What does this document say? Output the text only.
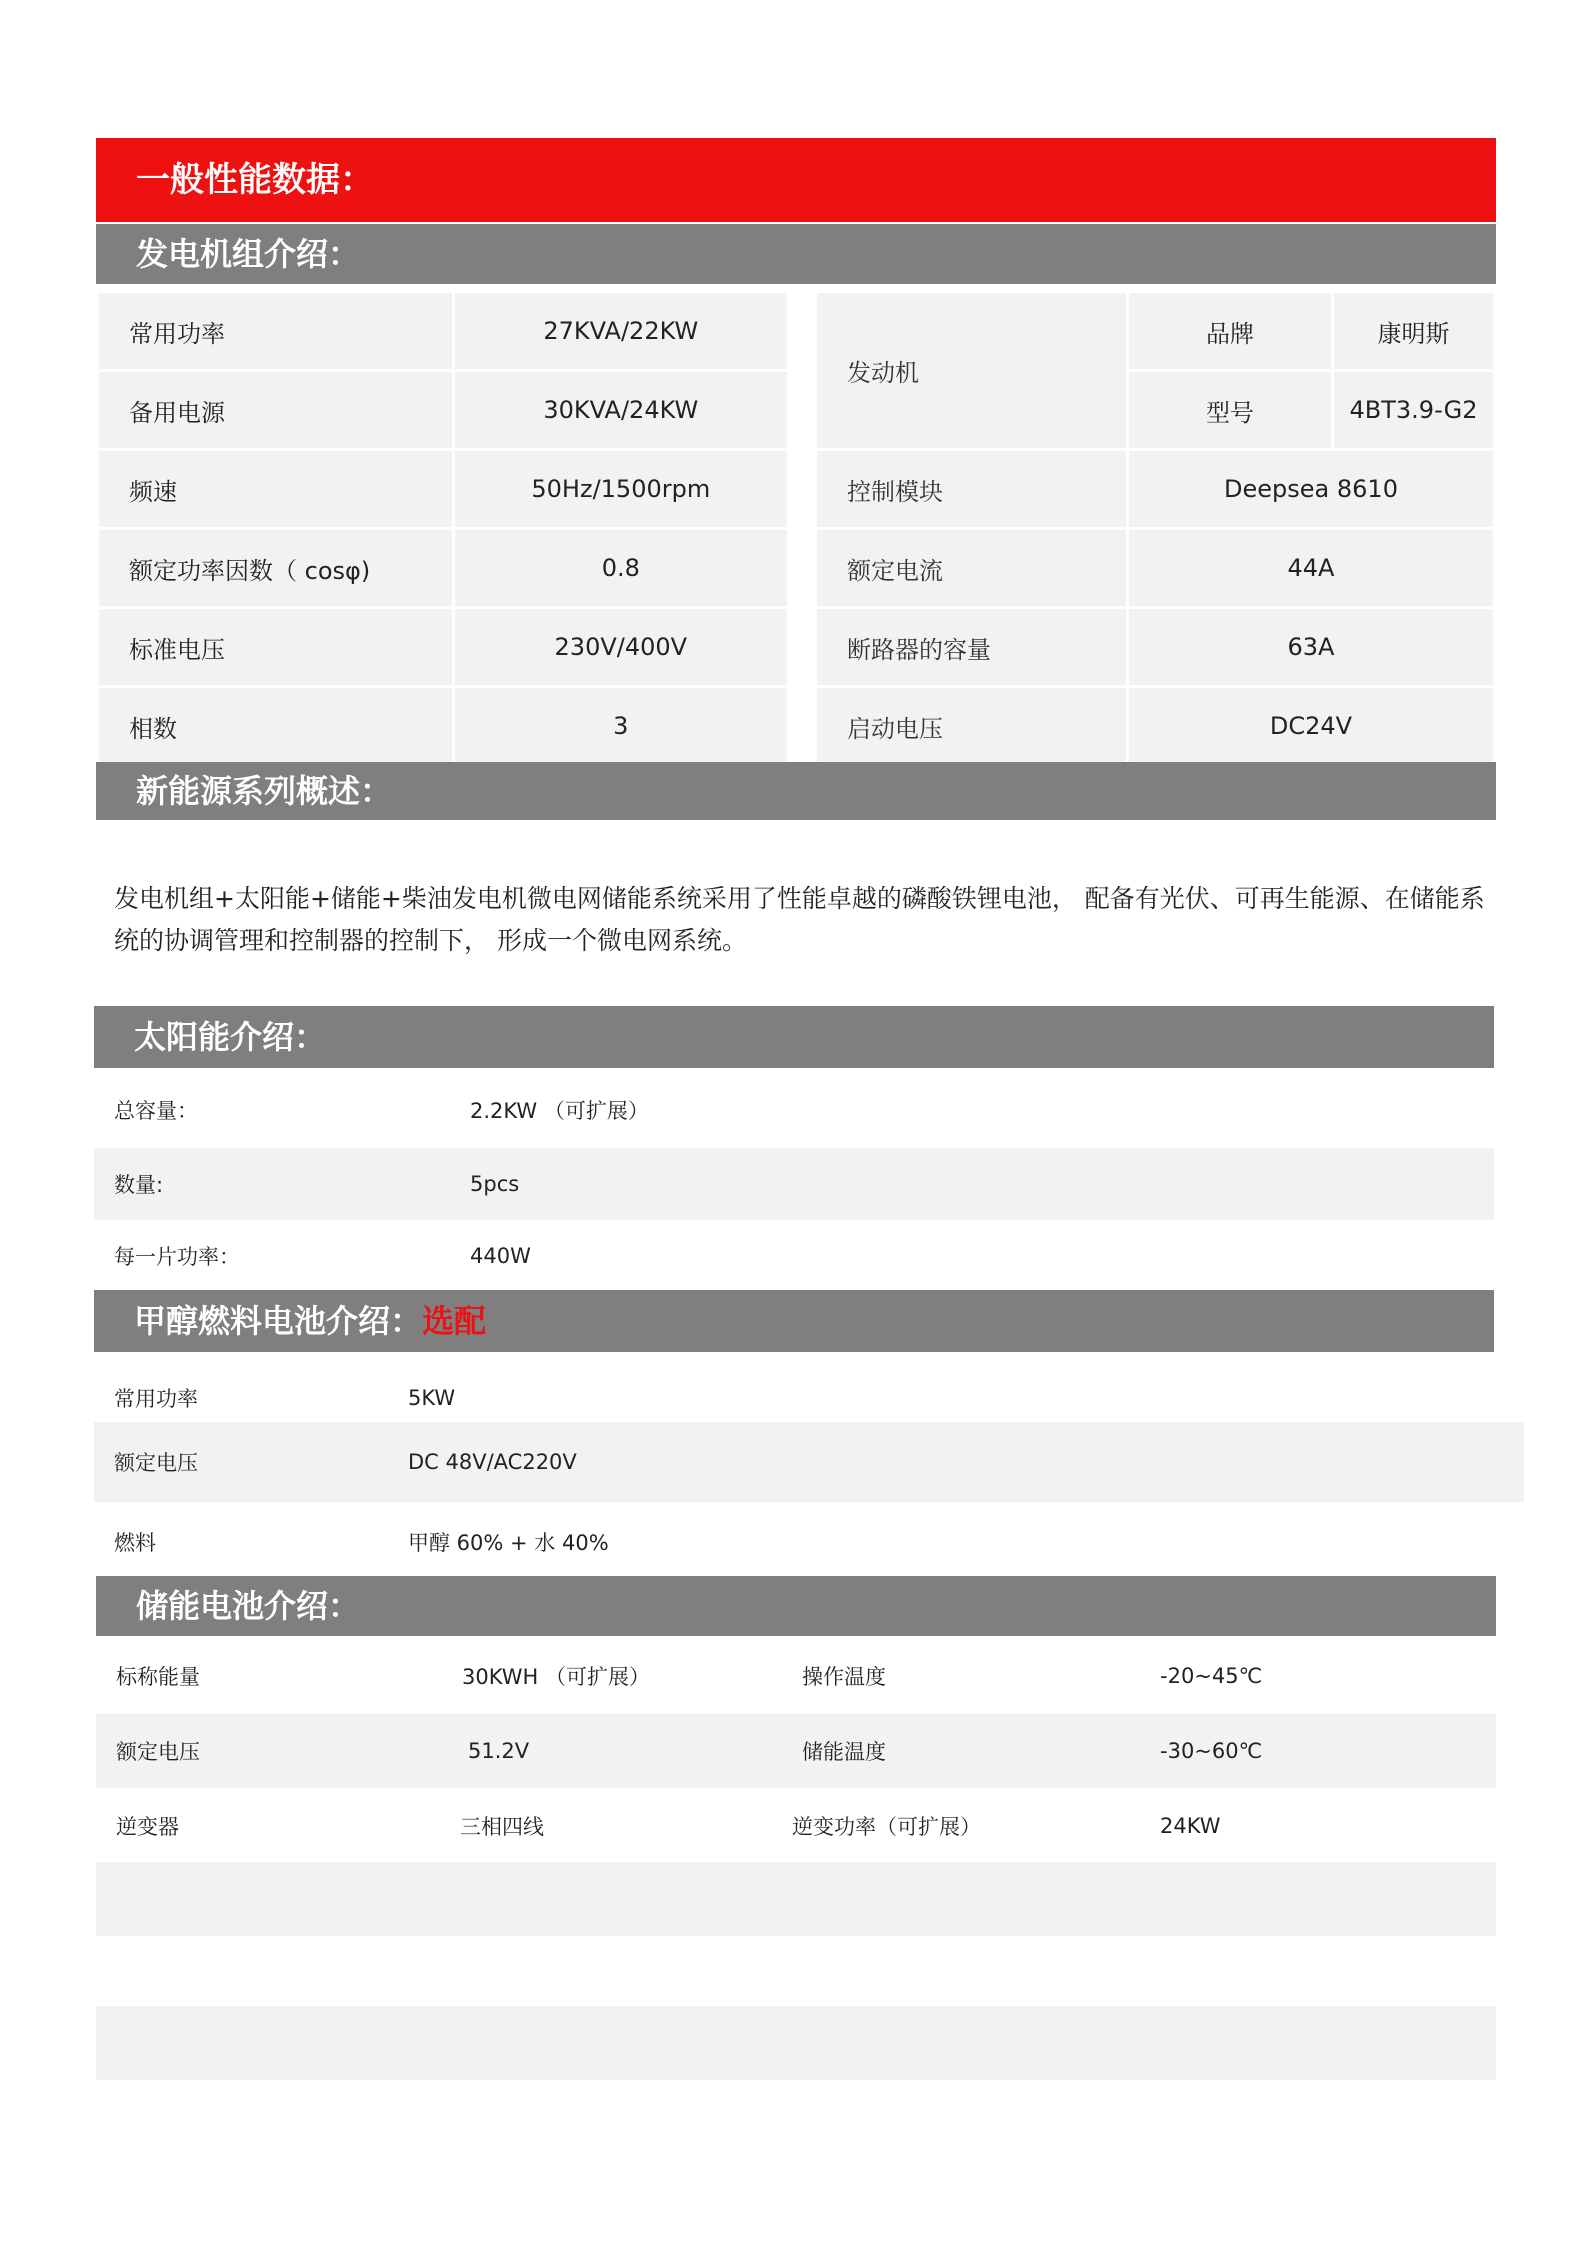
一般性能数据：
发电机组介绍：
常用功率	27KVA/22KW
备用电源	30KVA/24KW
频速	50Hz/1500rpm
额定功率因数（ cosφ)	0.8
标准电压	230V/400V
相数	3
发动机	品牌	康明斯
	型号	4BT3.9-G2
控制模块	Deepsea 8610	
额定电流	44A	
断路器的容量	63A	
启动电压	DC24V	
新能源系列概述：
发电机组+太阳能+储能+柴油发电机微电网储能系统采用了性能卓越的磷酸铁锂电池， 配备有光伏、可再生能源、在储能系统的协调管理和控制器的控制下， 形成一个微电网系统。
太阳能介绍：
总容量：	2.2KW （可扩展）
数量:	5pcs
每一片功率：	440W
甲醇燃料电池介绍：选配
常用功率	5KW
额定电压	DC 48V/AC220V
燃料	甲醇 60% + 水 40%
储能电池介绍：
标称能量	30KWH （可扩展）	操作温度	-20~45℃
额定电压	51.2V	储能温度	-30~60℃
逆变器	三相四线	逆变功率（可扩展）	24KW
